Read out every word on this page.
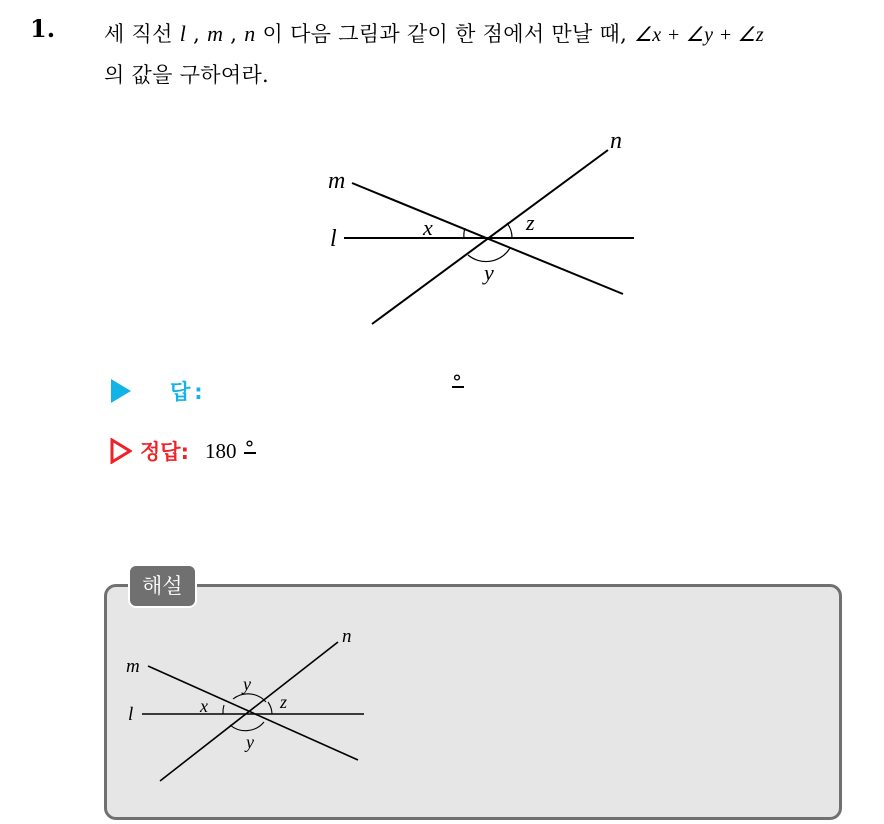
1. 세 직선 l , m , n 이 다음 그림과 같이 한 점에서 만날 때, ∠x + ∠y + ∠z
의 값을 구하여라.
m
l
n
x
y
z
답:	°
정답: 180 °
해설
m
l
n
x
y
y
z
